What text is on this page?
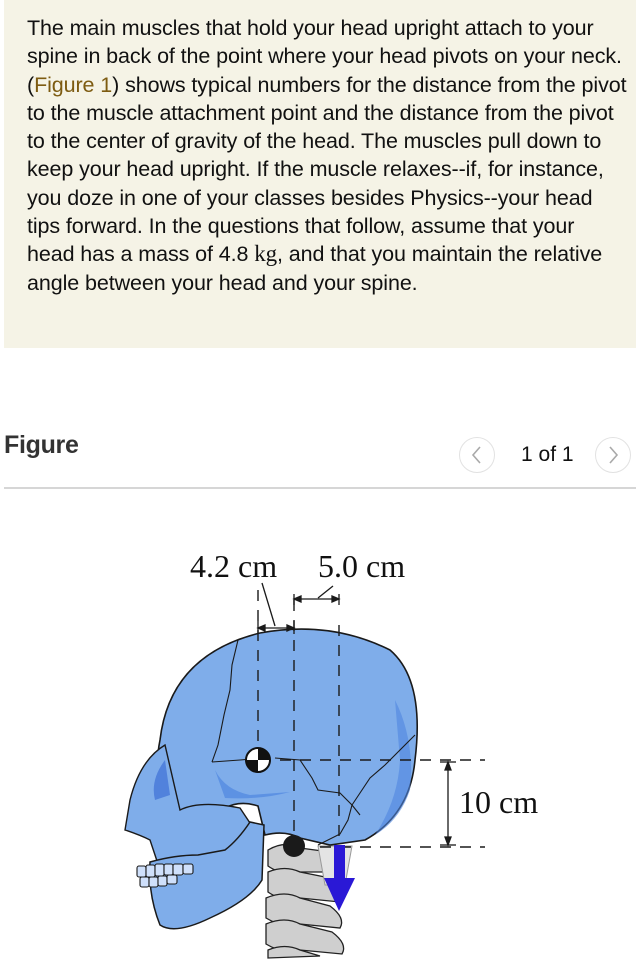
The main muscles that hold your head upright attach to your spine in back of the point where your head pivots on your neck. (Figure 1) shows typical numbers for the distance from the pivot to the muscle attachment point and the distance from the pivot to the center of gravity of the head. The muscles pull down to keep your head upright. If the muscle relaxes--if, for instance, you doze in one of your classes besides Physics--your head tips forward. In the questions that follow, assume that your head has a mass of 4.8 kg, and that you maintain the relative angle between your head and your spine.
Figure	1 of 1
4.2 cm 5.0 cm
10 cm
